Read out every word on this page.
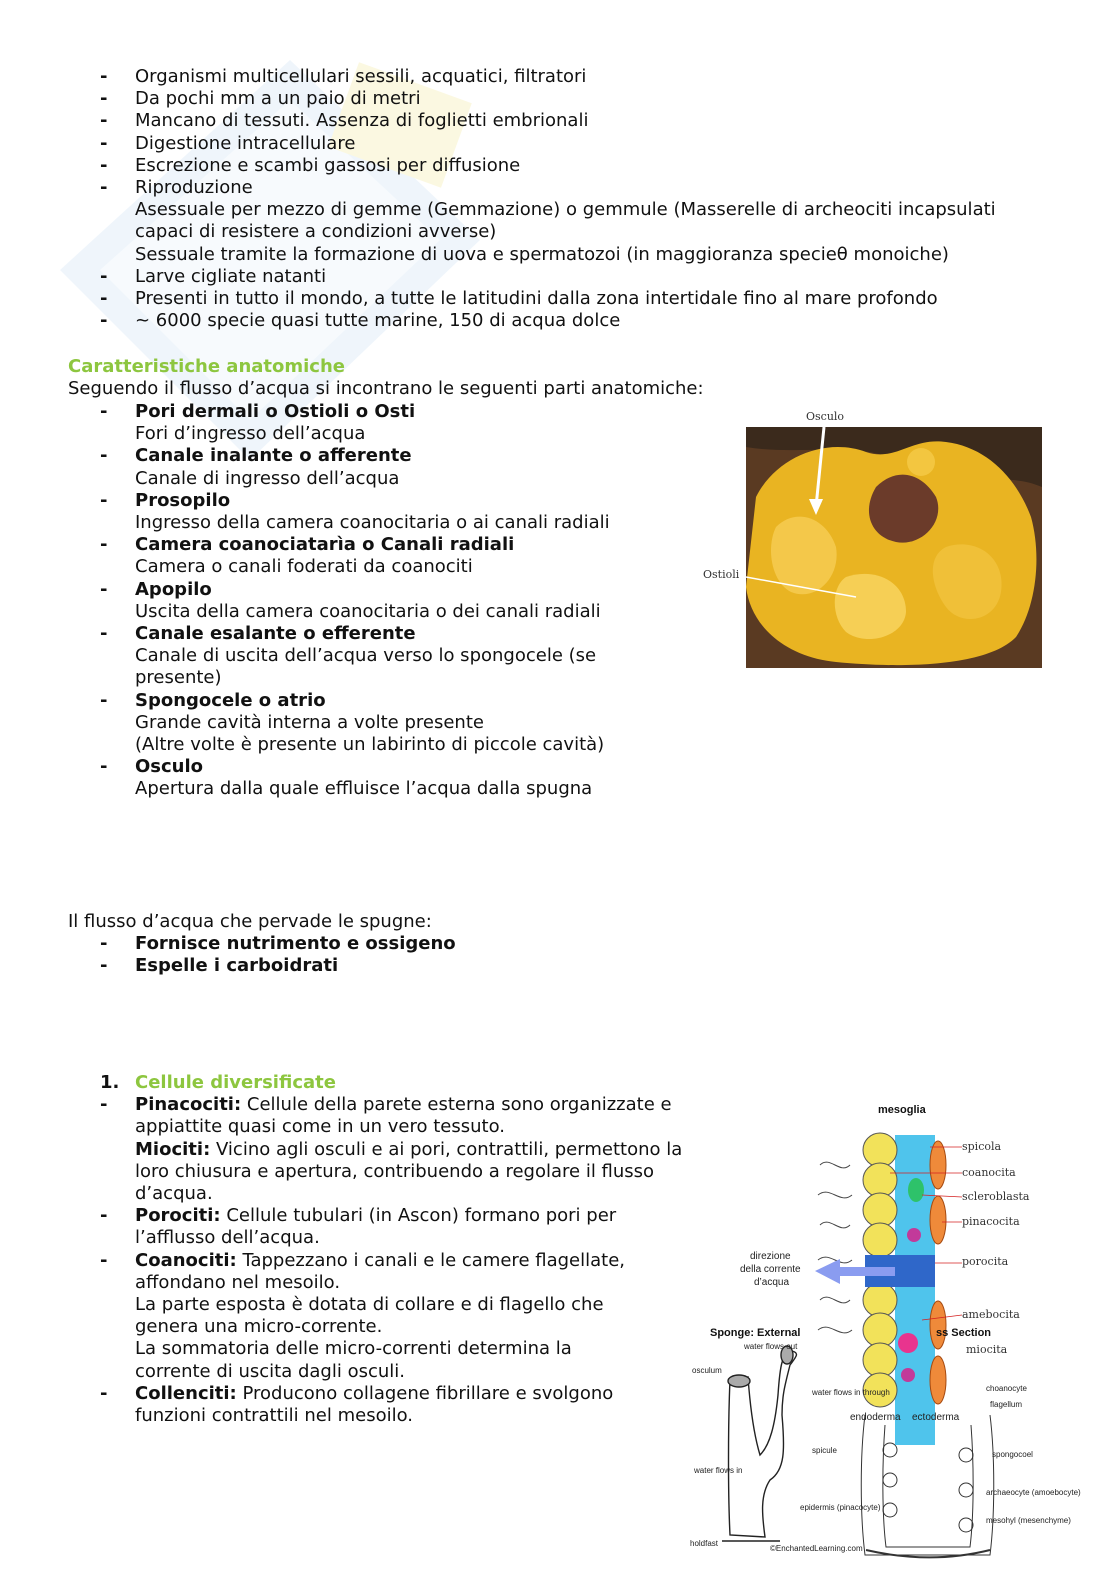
- Organismi multicellulari sessili, acquatici, filtratori
- Da pochi mm a un paio di metri
- Mancano di tessuti. Assenza di foglietti embrionali
- Digestione intracellulare
- Escrezione e scambi gassosi per diffusione
- Riproduzione
Asessuale per mezzo di gemme (Gemmazione) o gemmule (Masserelle di archeociti incapsulati
capaci di resistere a condizioni avverse)
Sessuale tramite la formazione di uova e spermatozoi (in maggioranza specieθ monoiche)
- Larve cigliate natanti
- Presenti in tutto il mondo, a tutte le latitudini dalla zona intertidale fino al mare profondo
- ~ 6000 specie quasi tutte marine, 150 di acqua dolce
Caratteristiche anatomiche
Seguendo il flusso d’acqua si incontrano le seguenti parti anatomiche:
- Pori dermali o Ostioli o Osti
Fori d’ingresso dell’acqua
- Canale inalante o afferente
Canale di ingresso dell’acqua
- Prosopilo
Ingresso della camera coanocitaria o ai canali radiali
- Camera coanociatarìa o Canali radiali
Camera o canali foderati da coanociti
- Apopilo
Uscita della camera coanocitaria o dei canali radiali
- Canale esalante o efferente
Canale di uscita dell’acqua verso lo spongocele (se
presente)
- Spongocele o atrio
Grande cavità interna a volte presente
(Altre volte è presente un labirinto di piccole cavità)
- Osculo
Apertura dalla quale effluisce l’acqua dalla spugna
Osculo
Ostioli
Il flusso d’acqua che pervade le spugne:
- Fornisce nutrimento e ossigeno
- Espelle i carboidrati
1. Cellule diversificate
- Pinacociti: Cellule della parete esterna sono organizzate e
appiattite quasi come in un vero tessuto.
Miociti: Vicino agli osculi e ai pori, contrattili, permettono la
loro chiusura e apertura, contribuendo a regolare il flusso
d’acqua.
- Porociti: Cellule tubulari (in Ascon) formano pori per
l’afflusso dell’acqua.
- Coanociti: Tappezzano i canali e le camere flagellate,
affondano nel mesoilo.
La parte esposta è dotata di collare e di flagello che
genera una micro-corrente.
La sommatoria delle micro-correnti determina la
corrente di uscita dagli osculi.
- Collenciti: Producono collagene fibrillare e svolgono
funzioni contrattili nel mesoilo.
mesoglia
spicola
coanocita
scleroblasta
pinacocita
porocita
amebocita
miocita
direzione
della corrente
d’acqua
Sponge: External	ss Section
water flows out
osculum
water flows in through
endoderma ectoderma
choanocyte
flagellum
spicule	spongocoel
water flows in
archaeocyte (amoebocyte)
epidermis (pinacocyte)
mesohyl (mesenchyme)
holdfast
©EnchantedLearning.com
